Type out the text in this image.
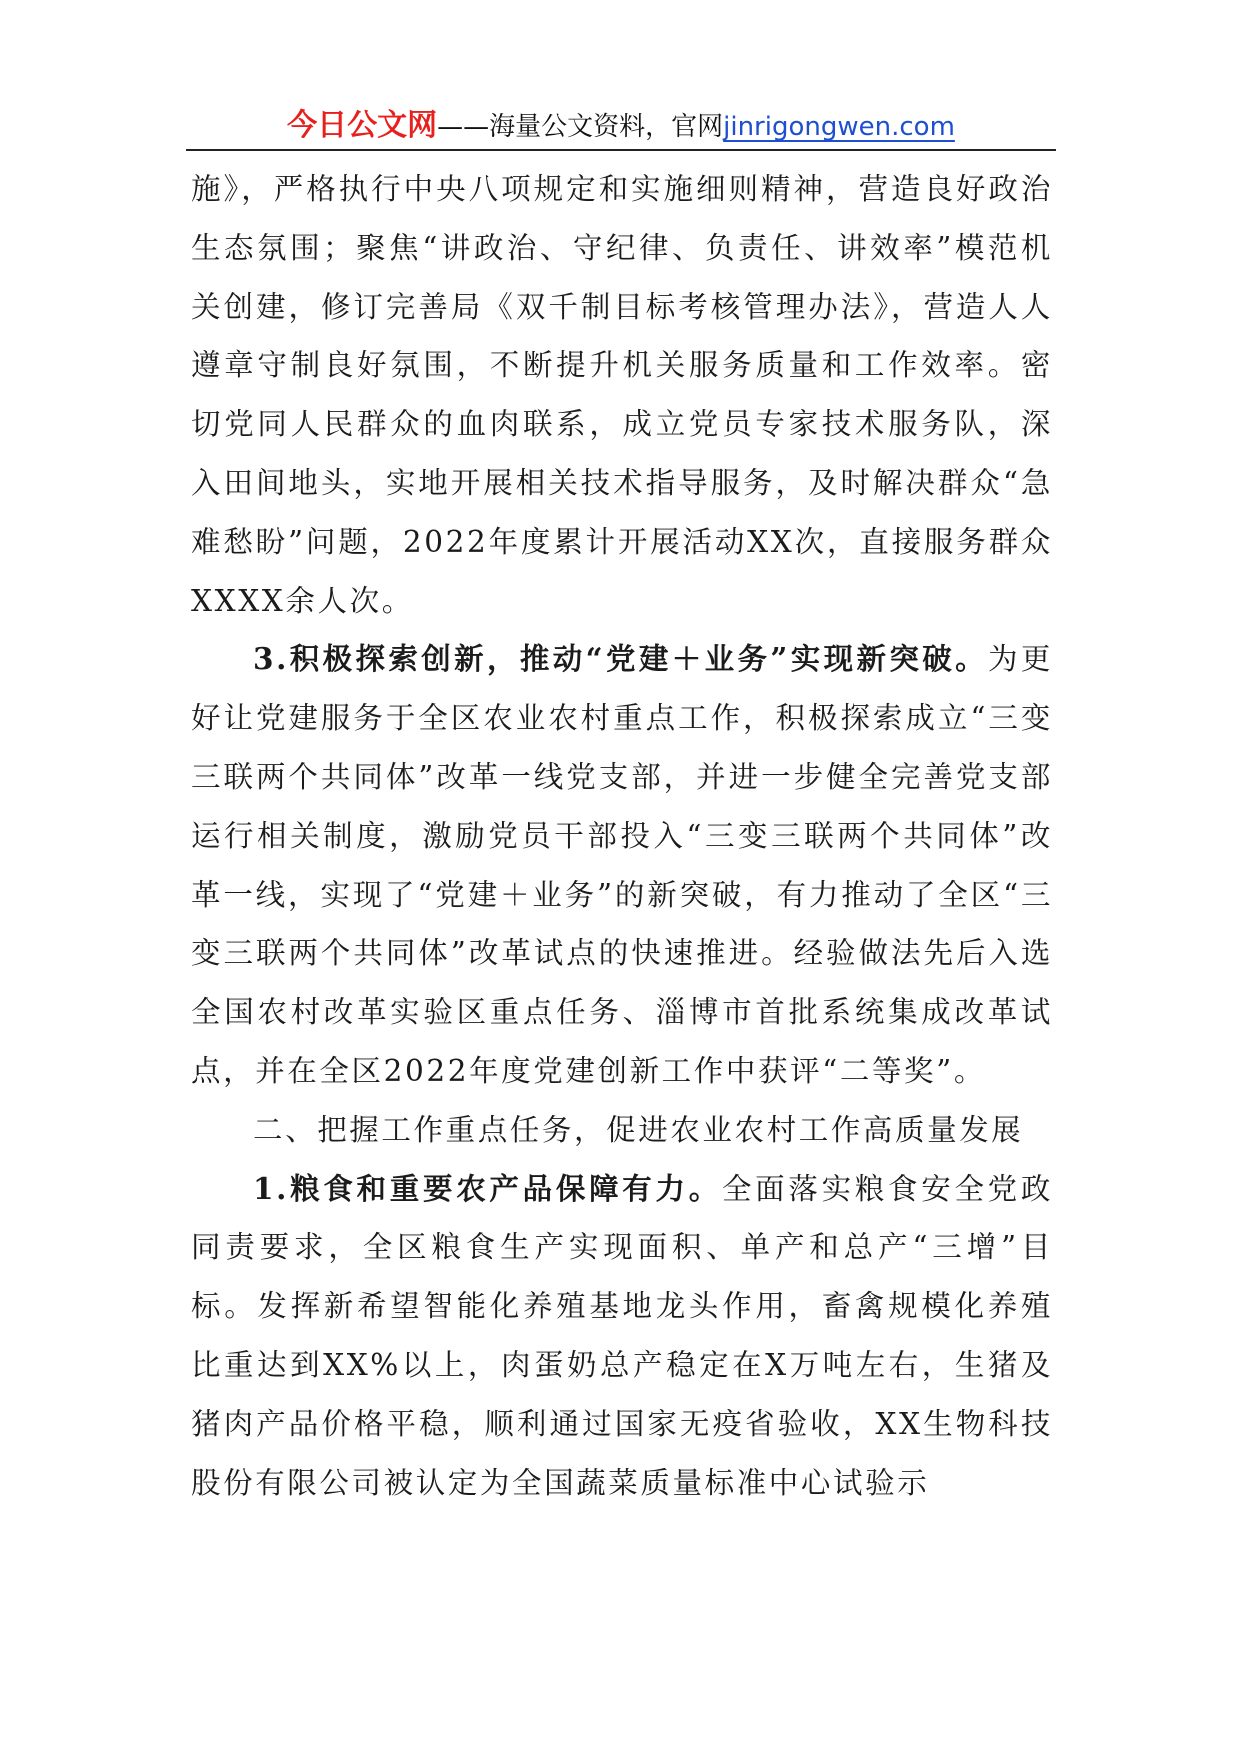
今日公文网——海量公文资料，官网jinrigongwen.com

施》，严格执行中央八项规定和实施细则精神，营造良好政治生态氛围；聚焦“讲政治、守纪律、负责任、讲效率”模范机关创建，修订完善局《双千制目标考核管理办法》，营造人人遵章守制良好氛围，不断提升机关服务质量和工作效率。密切党同人民群众的血肉联系，成立党员专家技术服务队，深入田间地头，实地开展相关技术指导服务，及时解决群众“急难愁盼”问题，2022年度累计开展活动XX次，直接服务群众XXXX余人次。

3.积极探索创新，推动“党建＋业务”实现新突破。为更好让党建服务于全区农业农村重点工作，积极探索成立“三变三联两个共同体”改革一线党支部，并进一步健全完善党支部运行相关制度，激励党员干部投入“三变三联两个共同体”改革一线，实现了“党建＋业务”的新突破，有力推动了全区“三变三联两个共同体”改革试点的快速推进。经验做法先后入选全国农村改革实验区重点任务、淄博市首批系统集成改革试点，并在全区2022年度党建创新工作中获评“二等奖”。

二、把握工作重点任务，促进农业农村工作高质量发展

1.粮食和重要农产品保障有力。全面落实粮食安全党政同责要求，全区粮食生产实现面积、单产和总产“三增”目标。发挥新希望智能化养殖基地龙头作用，畜禽规模化养殖比重达到XX%以上，肉蛋奶总产稳定在X万吨左右，生猪及猪肉产品价格平稳，顺利通过国家无疫省验收，XX生物科技股份有限公司被认定为全国蔬菜质量标准中心试验示
